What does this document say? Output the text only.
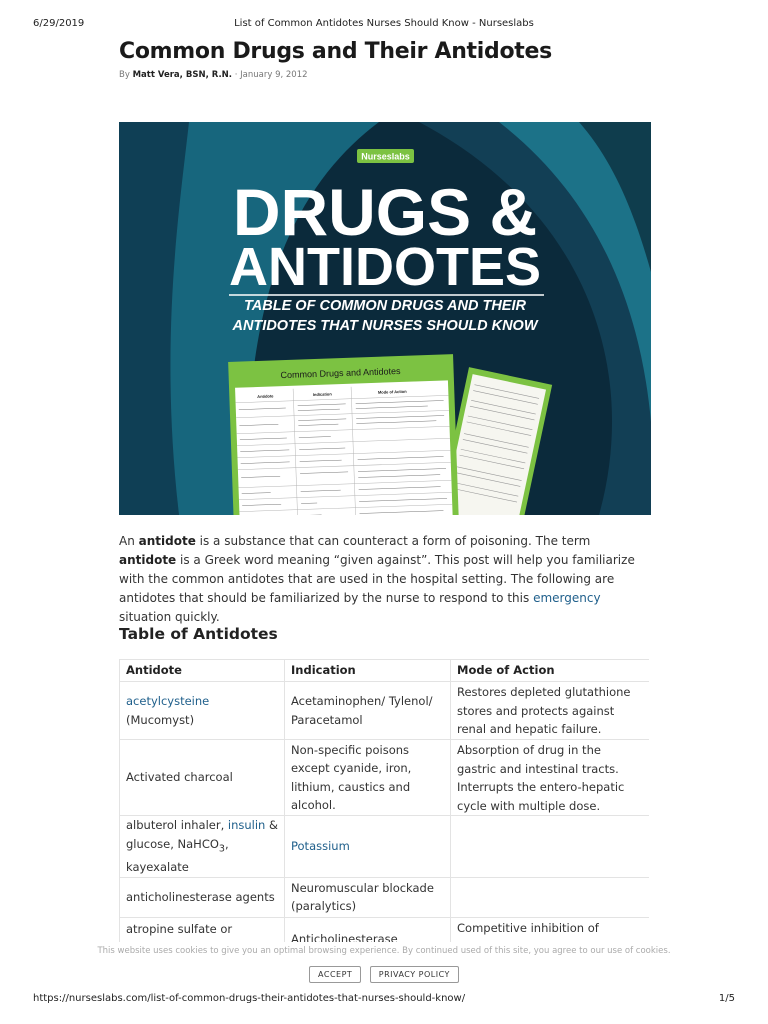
6/29/2019	List of Common Antidotes Nurses Should Know - Nurseslabs
Common Drugs and Their Antidotes
By Matt Vera, BSN, R.N. · January 9, 2012
Nurseslabs
DRUGS &
ANTIDOTES
TABLE OF COMMON DRUGS AND THEIR
ANTIDOTES THAT NURSES SHOULD KNOW
Common Drugs and Antidotes
Antidote	Indication	Mode of Action

An antidote is a substance that can counteract a form of poisoning. The term antidote is a Greek word meaning “given against”. This post will help you familiarize with the common antidotes that are used in the hospital setting. The following are antidotes that should be familiarized by the nurse to respond to this emergency situation quickly.

Table of Antidotes
Antidote	Indication	Mode of Action
acetylcysteine (Mucomyst)	Acetaminophen/ Tylenol/ Paracetamol	Restores depleted glutathione stores and protects against renal and hepatic failure.
Activated charcoal	Non-specific poisons except cyanide, iron, lithium, caustics and alcohol.	Absorption of drug in the gastric and intestinal tracts. Interrupts the entero-hepatic cycle with multiple dose.
albuterol inhaler, insulin & glucose, NaHCO$_3$, kayexalate	Potassium	
anticholinesterase agents	Neuromuscular blockade (paralytics)	
atropine sulfate or	Anticholinesterase	Competitive inhibition of
This website uses cookies to give you an optimal browsing experience. By continued used of this site, you agree to our use of cookies.
ACCEPT	PRIVACY POLICY
https://nurseslabs.com/list-of-common-drugs-their-antidotes-that-nurses-should-know/	1/5
